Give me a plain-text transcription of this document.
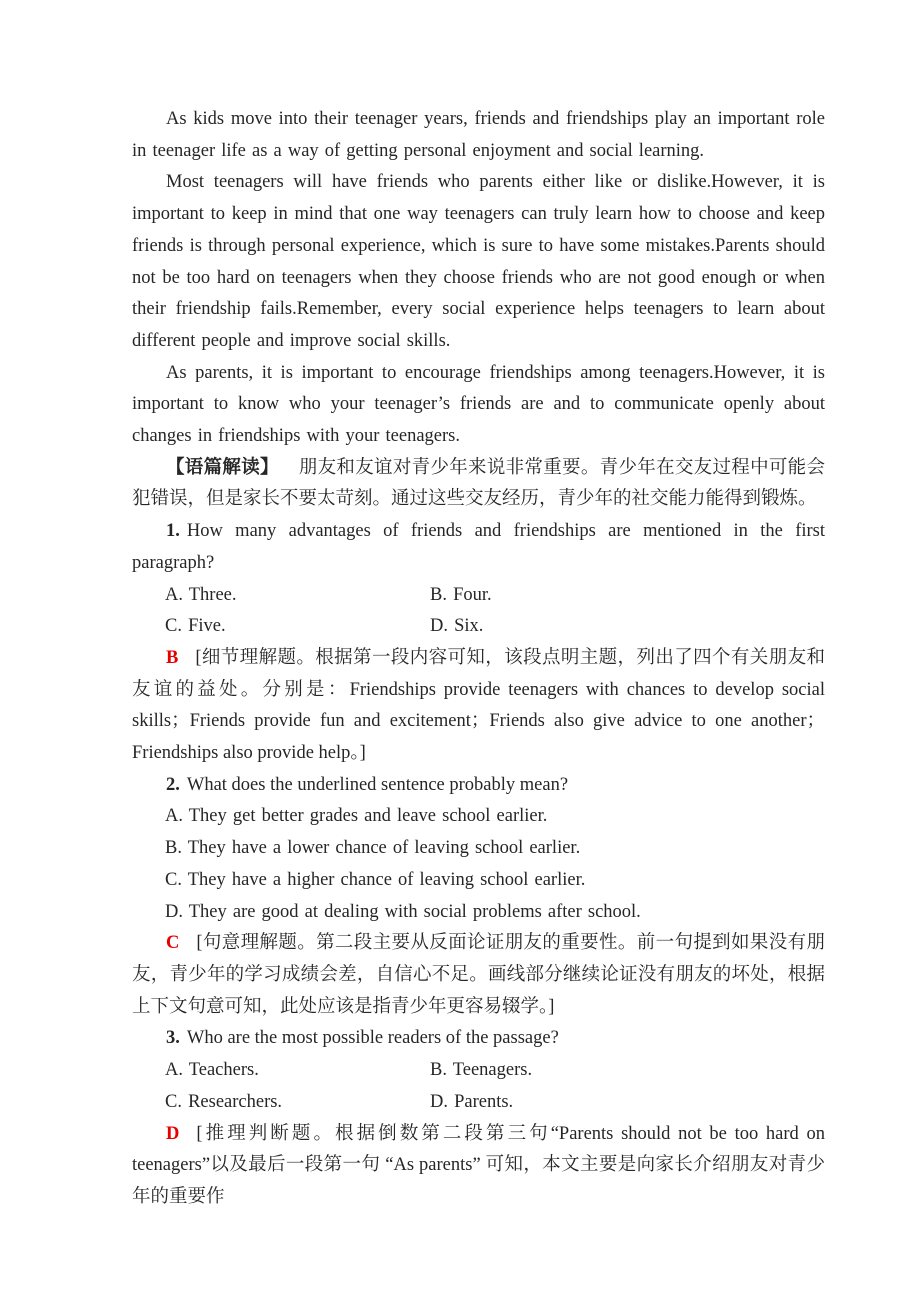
As kids move into their teenager years, friends and friendships play an important role in teenager life as a way of getting personal enjoyment and social learning.

Most teenagers will have friends who parents either like or dislike.However, it is important to keep in mind that one way teenagers can truly learn how to choose and keep friends is through personal experience, which is sure to have some mistakes.Parents should not be too hard on teenagers when they choose friends who are not good enough or when their friendship fails.Remember, every social experience helps teenagers to learn about different people and improve social skills.

As parents, it is important to encourage friendships among teenagers.However, it is important to know who your teenager’s friends are and to communicate openly about changes in friendships with your teenagers.

【语篇解读】 朋友和友谊对青少年来说非常重要。青少年在交友过程中可能会犯错误，但是家长不要太苛刻。通过这些交友经历，青少年的社交能力能得到锻炼。

1. How many advantages of friends and friendships are mentioned in the first paragraph?

A. Three.	B. Four.

C. Five.	D. Six.

B [细节理解题。根据第一段内容可知，该段点明主题，列出了四个有关朋友和友谊的益处。分别是：Friendships provide teenagers with chances to develop social skills；Friends provide fun and excitement；Friends also give advice to one another；Friendships also provide help。]

2. What does the underlined sentence probably mean?

A. They get better grades and leave school earlier.

B. They have a lower chance of leaving school earlier.

C. They have a higher chance of leaving school earlier.

D. They are good at dealing with social problems after school.

C [句意理解题。第二段主要从反面论证朋友的重要性。前一句提到如果没有朋友，青少年的学习成绩会差，自信心不足。画线部分继续论证没有朋友的坏处，根据上下文句意可知，此处应该是指青少年更容易辍学。]

3. Who are the most possible readers of the passage?

A. Teachers.	B. Teenagers.

C. Researchers.	D. Parents.

D [推理判断题。根据倒数第二段第三句“Parents should not be too hard on teenagers”以及最后一段第一句 “As parents” 可知，本文主要是向家长介绍朋友对青少年的重要作
